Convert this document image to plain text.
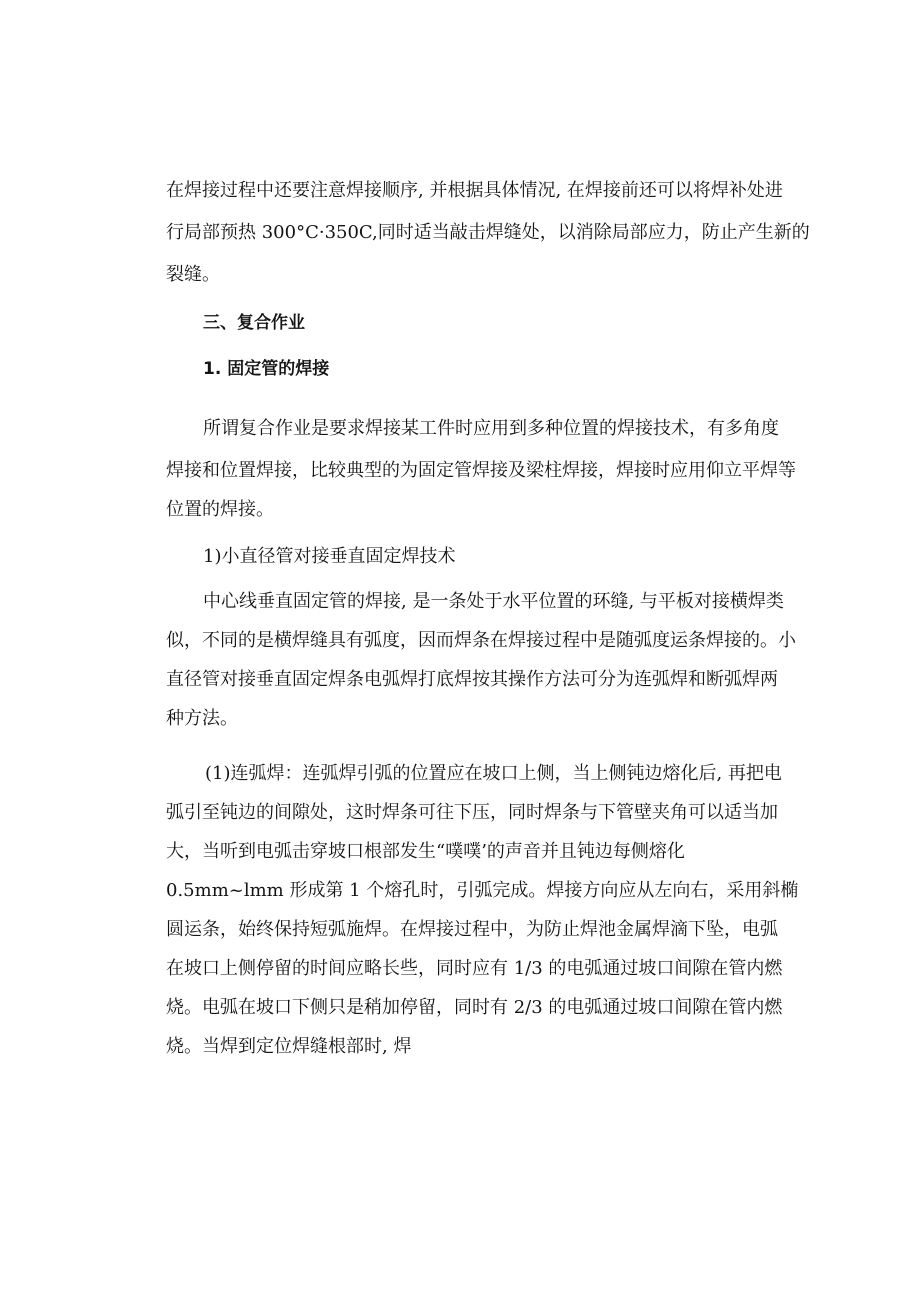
在焊接过程中还要注意焊接顺序, 并根据具体情况, 在焊接前还可以将焊补处进
行局部预热 300°C·350C,同时适当敲击焊缝处，以消除局部应力，防止产生新的
裂缝。
三、复合作业
1. 固定管的焊接
所谓复合作业是要求焊接某工件时应用到多种位置的焊接技术，有多角度
焊接和位置焊接，比较典型的为固定管焊接及梁柱焊接，焊接时应用仰立平焊等
位置的焊接。
1)小直径管对接垂直固定焊技术
中心线垂直固定管的焊接, 是一条处于水平位置的环缝, 与平板对接横焊类
似，不同的是横焊缝具有弧度，因而焊条在焊接过程中是随弧度运条焊接的。小
直径管对接垂直固定焊条电弧焊打底焊按其操作方法可分为连弧焊和断弧焊两
种方法。
(1)连弧焊：连弧焊引弧的位置应在坡口上侧，当上侧钝边熔化后, 再把电
弧引至钝边的间隙处，这时焊条可往下压，同时焊条与下管壁夹角可以适当加
大，当听到电弧击穿坡口根部发生“噗噗’的声音并且钝边每侧熔化
0.5mm~lmm 形成第 1 个熔孔时，引弧完成。焊接方向应从左向右，采用斜椭
圆运条，始终保持短弧施焊。在焊接过程中，为防止焊池金属焊滴下坠，电弧
在坡口上侧停留的时间应略长些，同时应有 1/3 的电弧通过坡口间隙在管内燃
烧。电弧在坡口下侧只是稍加停留，同时有 2/3 的电弧通过坡口间隙在管内燃
烧。当焊到定位焊缝根部时, 焊
